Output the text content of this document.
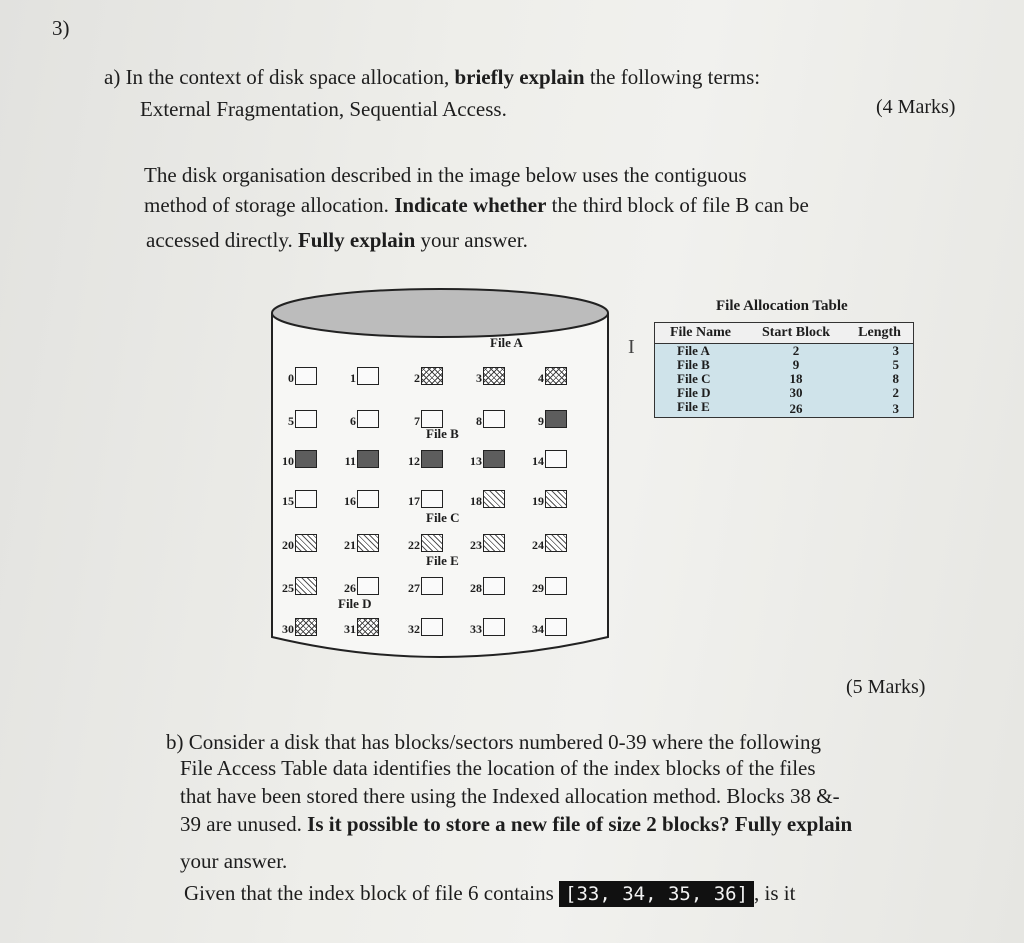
3)
a) In the context of disk space allocation, briefly explain the following terms:
External Fragmentation, Sequential Access.	(4 Marks)
The disk organisation described in the image below uses the contiguous
method of storage allocation. Indicate whether the third block of file B can be
accessed directly. Fully explain your answer.
0	1	2	3	4
5	6	7	8	9
10	11	12	13	14
15	16	17	18	19
20	21	22	23	24
25	26	27	28	29
30	31	32	33	34
File A
File B
File C
File E
File D
I
File Allocation Table
File Name	Start Block	Length
File A	2	3
File B	9	5
File C	18	8
File D	30	2
File E	26	3
(5 Marks)
b) Consider a disk that has blocks/sectors numbered 0-39 where the following
File Access Table data identifies the location of the index blocks of the files
that have been stored there using the Indexed allocation method. Blocks 38 &-
39 are unused. Is it possible to store a new file of size 2 blocks? Fully explain
your answer.
Given that the index block of file 6 contains [33, 34, 35, 36] , is it
